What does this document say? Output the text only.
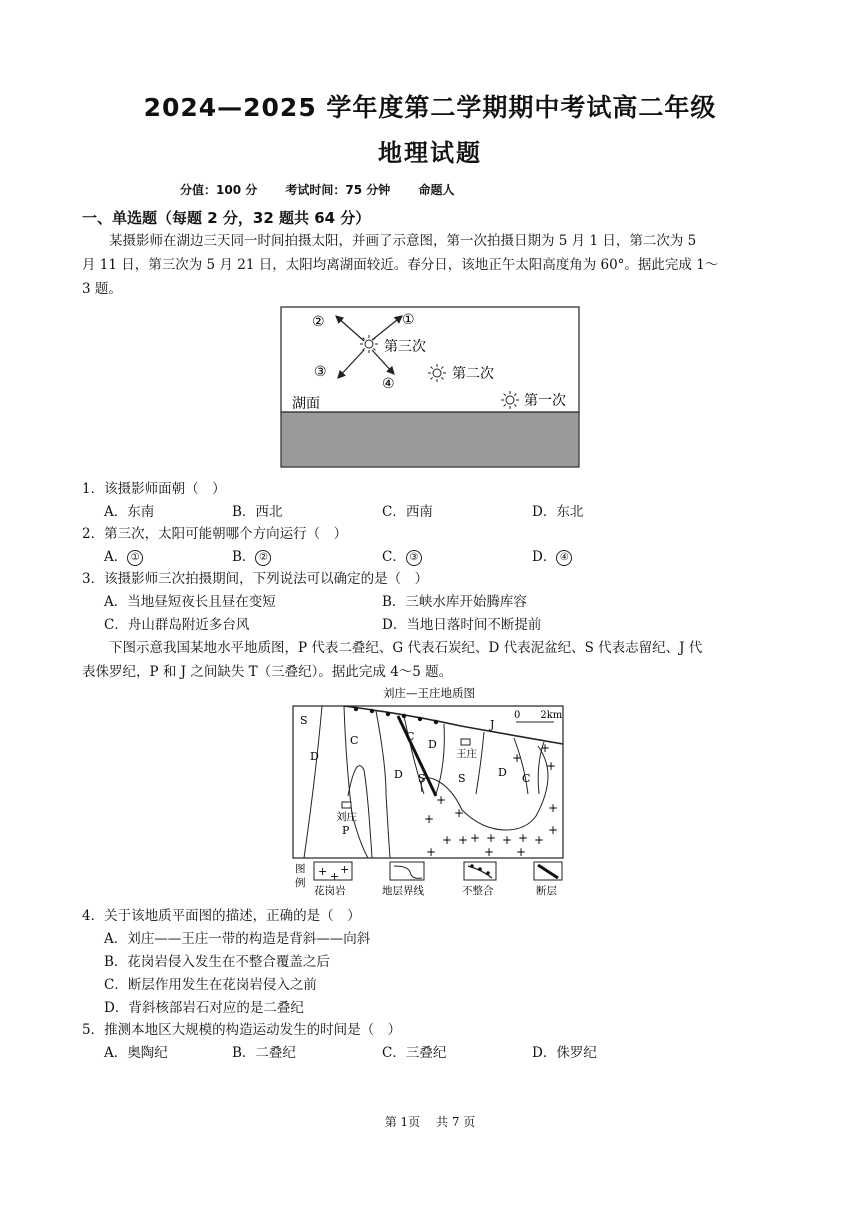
2024—2025 学年度第二学期期中考试高二年级
地理试题
分值：100 分 考试时间：75 分钟 命题人
一、单选题（每题 2 分，32 题共 64 分）
某摄影师在湖边三天同一时间拍摄太阳，并画了示意图，第一次拍摄日期为 5 月 1 日，第二次为 5
月 11 日，第三次为 5 月 21 日，太阳均离湖面较近。春分日，该地正午太阳高度角为 60°。据此完成 1～
3 题。
②	①
③
④
第三次
第二次
第一次
湖面
1．该摄影师面朝（　）
A．东南	B．西北	C．西南	D．东北
2．第三次，太阳可能朝哪个方向运行（　）
A． ①	B． ②	C． ③	D． ④
3．该摄影师三次拍摄期间，下列说法可以确定的是（　）
A．当地昼短夜长且昼在变短	B．三峡水库开始腾库容
C．舟山群岛附近多台风	D．当地日落时间不断提前
下图示意我国某地水平地质图，P 代表二叠纪、G 代表石炭纪、D 代表泥盆纪、S 代表志留纪、J 代
表侏罗纪，P 和 J 之间缺失 T（三叠纪）。据此完成 4～5 题。
刘庄—王庄地质图
+
+
+
+ + + + +
+ +
+
+
+
+
+
+	+ +
S
D
C	C
D
J
D S	S	D C
P
刘庄
王庄
0　　2km
图
例
+ +
+
花岗岩	地层界线	不整合	断层
4．关于该地质平面图的描述，正确的是（　）
A．刘庄——王庄一带的构造是背斜——向斜
B．花岗岩侵入发生在不整合覆盖之后
C．断层作用发生在花岗岩侵入之前
D．背斜核部岩石对应的是二叠纪
5．推测本地区大规模的构造运动发生的时间是（　）
A．奥陶纪	B．二叠纪	C．三叠纪	D．侏罗纪
第 1页 共 7 页
